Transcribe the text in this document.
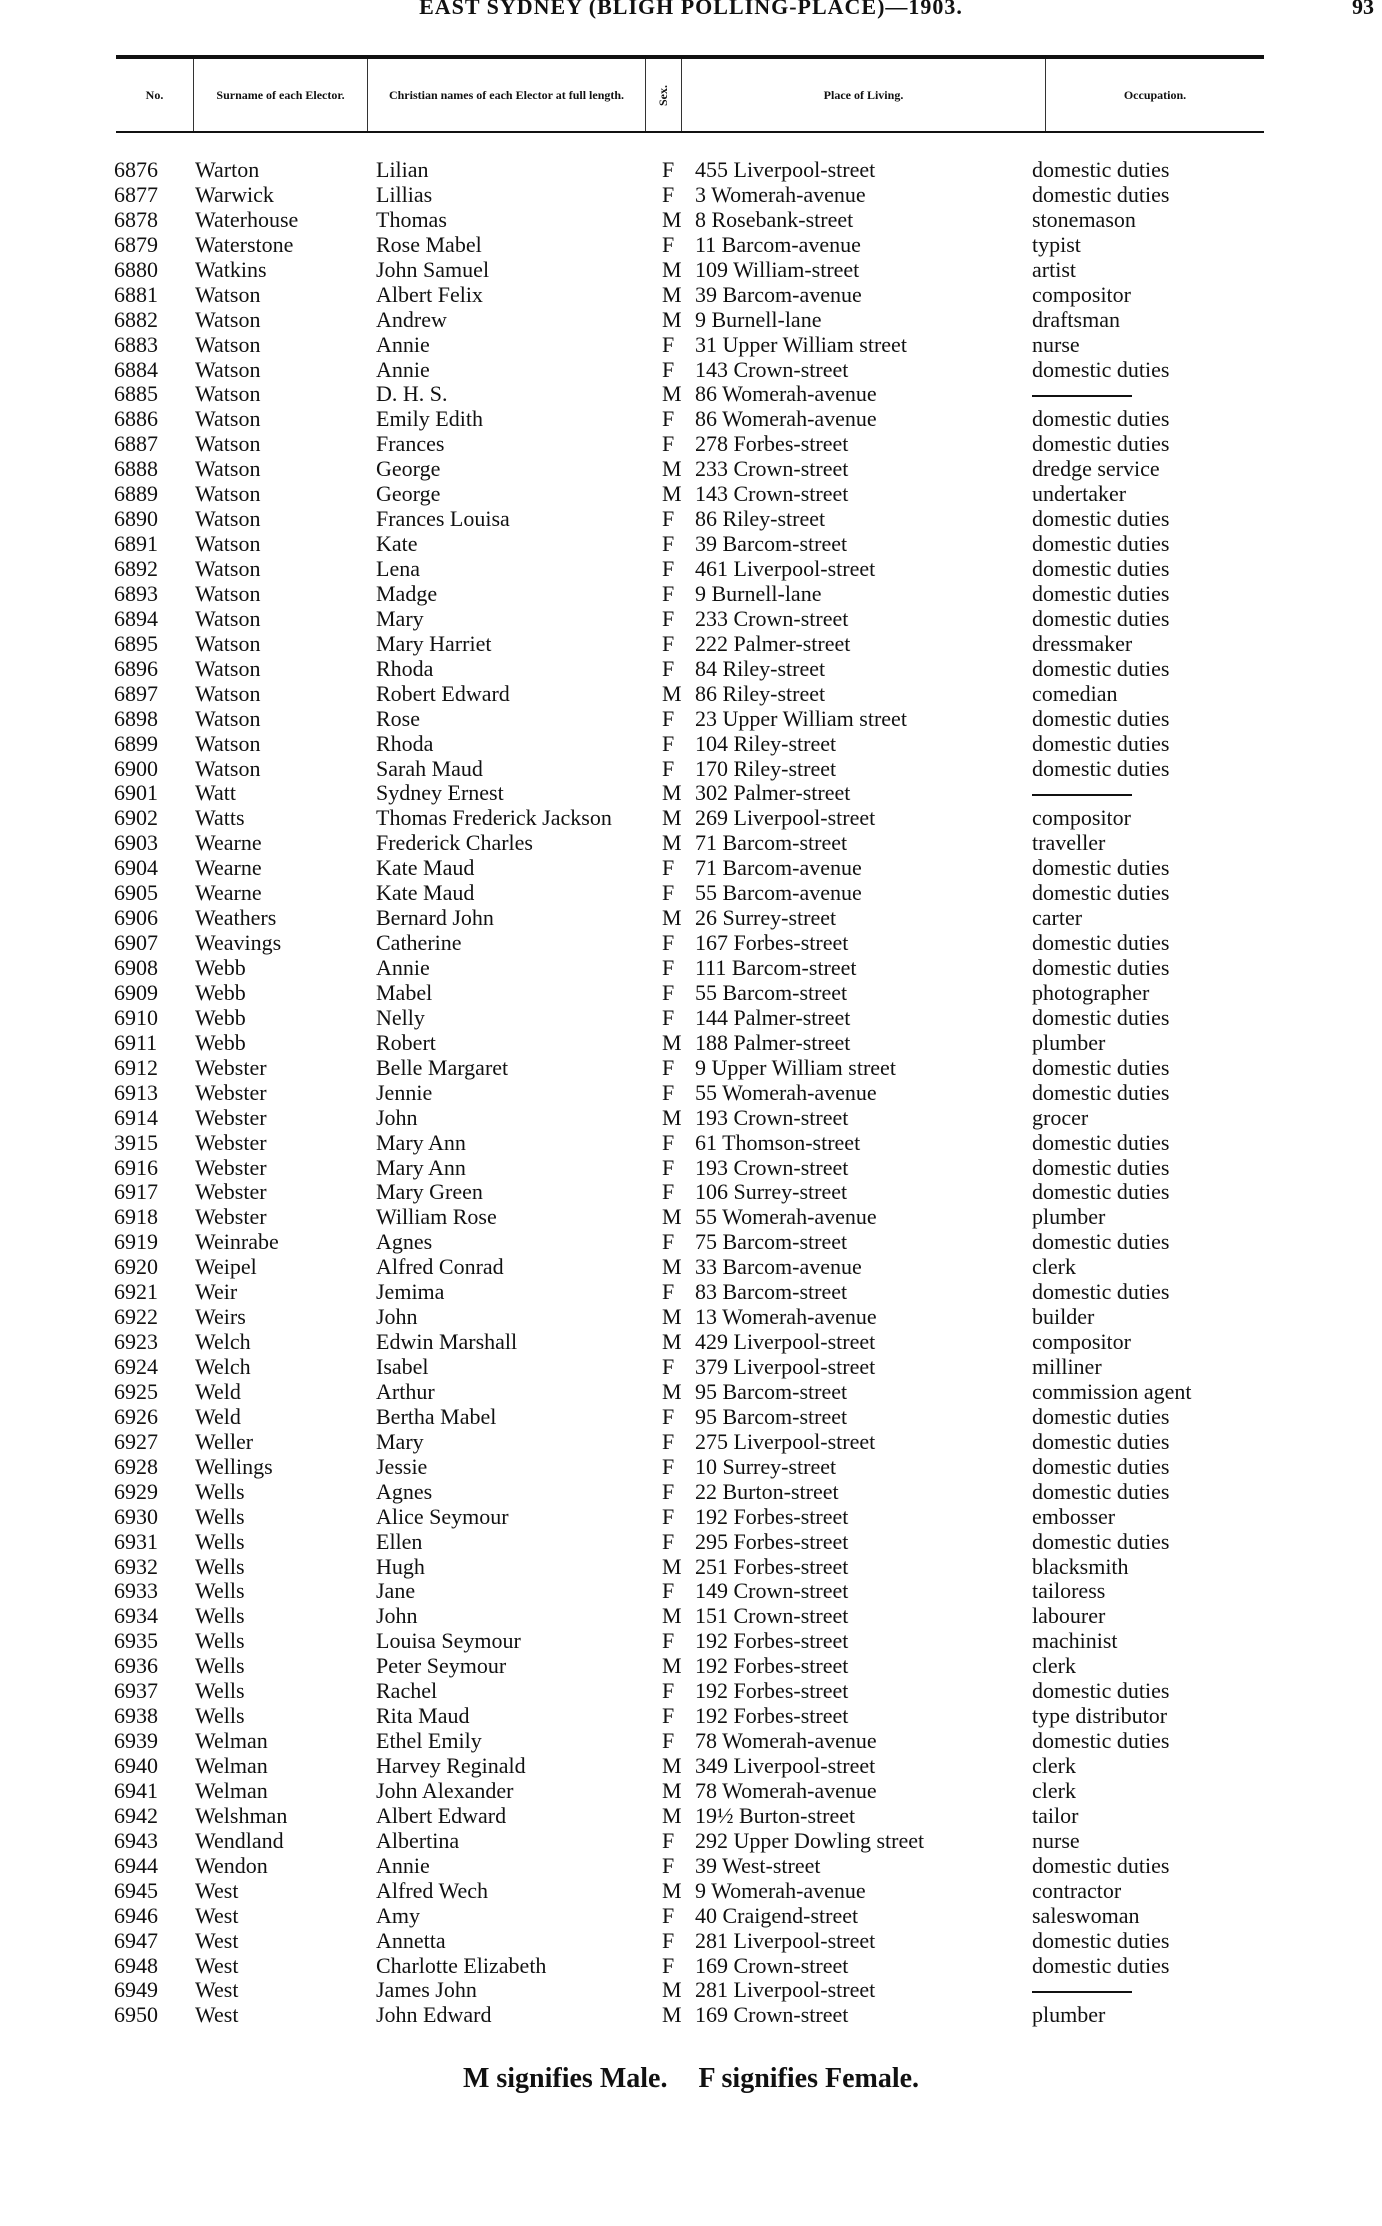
EAST SYDNEY (BLIGH POLLING-PLACE)—1903.	93
No.	Surname of each Elector.	Christian names of each Elector at full length.	Sex.	Place of Living.	Occupation.
6876	Warton	Lilian	F 455 Liverpool-street	domestic duties
6877	Warwick	Lillias	F 3 Womerah-avenue	domestic duties
6878	Waterhouse	Thomas	M 8 Rosebank-street	stonemason
6879	Waterstone	Rose Mabel	F 11 Barcom-avenue	typist
6880	Watkins	John Samuel	M 109 William-street	artist
6881	Watson	Albert Felix	M 39 Barcom-avenue	compositor
6882	Watson	Andrew	M 9 Burnell-lane	draftsman
6883	Watson	Annie	F 31 Upper William street	nurse
6884	Watson	Annie	F 143 Crown-street	domestic duties
6885	Watson	D. H. S.	M 86 Womerah-avenue
6886	Watson	Emily Edith	F 86 Womerah-avenue	domestic duties
6887	Watson	Frances	F 278 Forbes-street	domestic duties
6888	Watson	George	M 233 Crown-street	dredge service
6889	Watson	George	M 143 Crown-street	undertaker
6890	Watson	Frances Louisa	F 86 Riley-street	domestic duties
6891	Watson	Kate	F 39 Barcom-street	domestic duties
6892	Watson	Lena	F 461 Liverpool-street	domestic duties
6893	Watson	Madge	F 9 Burnell-lane	domestic duties
6894	Watson	Mary	F 233 Crown-street	domestic duties
6895	Watson	Mary Harriet	F 222 Palmer-street	dressmaker
6896	Watson	Rhoda	F 84 Riley-street	domestic duties
6897	Watson	Robert Edward	M 86 Riley-street	comedian
6898	Watson	Rose	F 23 Upper William street	domestic duties
6899	Watson	Rhoda	F 104 Riley-street	domestic duties
6900	Watson	Sarah Maud	F 170 Riley-street	domestic duties
6901	Watt	Sydney Ernest	M 302 Palmer-street
6902	Watts	Thomas Frederick Jackson M 269 Liverpool-street	compositor
6903	Wearne	Frederick Charles	M 71 Barcom-street	traveller
6904	Wearne	Kate Maud	F 71 Barcom-avenue	domestic duties
6905	Wearne	Kate Maud	F 55 Barcom-avenue	domestic duties
6906	Weathers	Bernard John	M 26 Surrey-street	carter
6907	Weavings	Catherine	F 167 Forbes-street	domestic duties
6908	Webb	Annie	F 111 Barcom-street	domestic duties
6909	Webb	Mabel	F 55 Barcom-street	photographer
6910	Webb	Nelly	F 144 Palmer-street	domestic duties
6911	Webb	Robert	M 188 Palmer-street	plumber
6912	Webster	Belle Margaret	F 9 Upper William street	domestic duties
6913	Webster	Jennie	F 55 Womerah-avenue	domestic duties
6914	Webster	John	M 193 Crown-street	grocer
3915	Webster	Mary Ann	F 61 Thomson-street	domestic duties
6916	Webster	Mary Ann	F 193 Crown-street	domestic duties
6917	Webster	Mary Green	F 106 Surrey-street	domestic duties
6918	Webster	William Rose	M 55 Womerah-avenue	plumber
6919	Weinrabe	Agnes	F 75 Barcom-street	domestic duties
6920	Weipel	Alfred Conrad	M 33 Barcom-avenue	clerk
6921	Weir	Jemima	F 83 Barcom-street	domestic duties
6922	Weirs	John	M 13 Womerah-avenue	builder
6923	Welch	Edwin Marshall	M 429 Liverpool-street	compositor
6924	Welch	Isabel	F 379 Liverpool-street	milliner
6925	Weld	Arthur	M 95 Barcom-street	commission agent
6926	Weld	Bertha Mabel	F 95 Barcom-street	domestic duties
6927	Weller	Mary	F 275 Liverpool-street	domestic duties
6928	Wellings	Jessie	F 10 Surrey-street	domestic duties
6929	Wells	Agnes	F 22 Burton-street	domestic duties
6930	Wells	Alice Seymour	F 192 Forbes-street	embosser
6931	Wells	Ellen	F 295 Forbes-street	domestic duties
6932	Wells	Hugh	M 251 Forbes-street	blacksmith
6933	Wells	Jane	F 149 Crown-street	tailoress
6934	Wells	John	M 151 Crown-street	labourer
6935	Wells	Louisa Seymour	F 192 Forbes-street	machinist
6936	Wells	Peter Seymour	M 192 Forbes-street	clerk
6937	Wells	Rachel	F 192 Forbes-street	domestic duties
6938	Wells	Rita Maud	F 192 Forbes-street	type distributor
6939	Welman	Ethel Emily	F 78 Womerah-avenue	domestic duties
6940	Welman	Harvey Reginald	M 349 Liverpool-street	clerk
6941	Welman	John Alexander	M 78 Womerah-avenue	clerk
6942	Welshman	Albert Edward	M 19½ Burton-street	tailor
6943	Wendland	Albertina	F 292 Upper Dowling street	nurse
6944	Wendon	Annie	F 39 West-street	domestic duties
6945	West	Alfred Wech	M 9 Womerah-avenue	contractor
6946	West	Amy	F 40 Craigend-street	saleswoman
6947	West	Annetta	F 281 Liverpool-street	domestic duties
6948	West	Charlotte Elizabeth	F 169 Crown-street	domestic duties
6949	West	James John	M 281 Liverpool-street
6950	West	John Edward	M 169 Crown-street	plumber
M signifies Male. F signifies Female.
